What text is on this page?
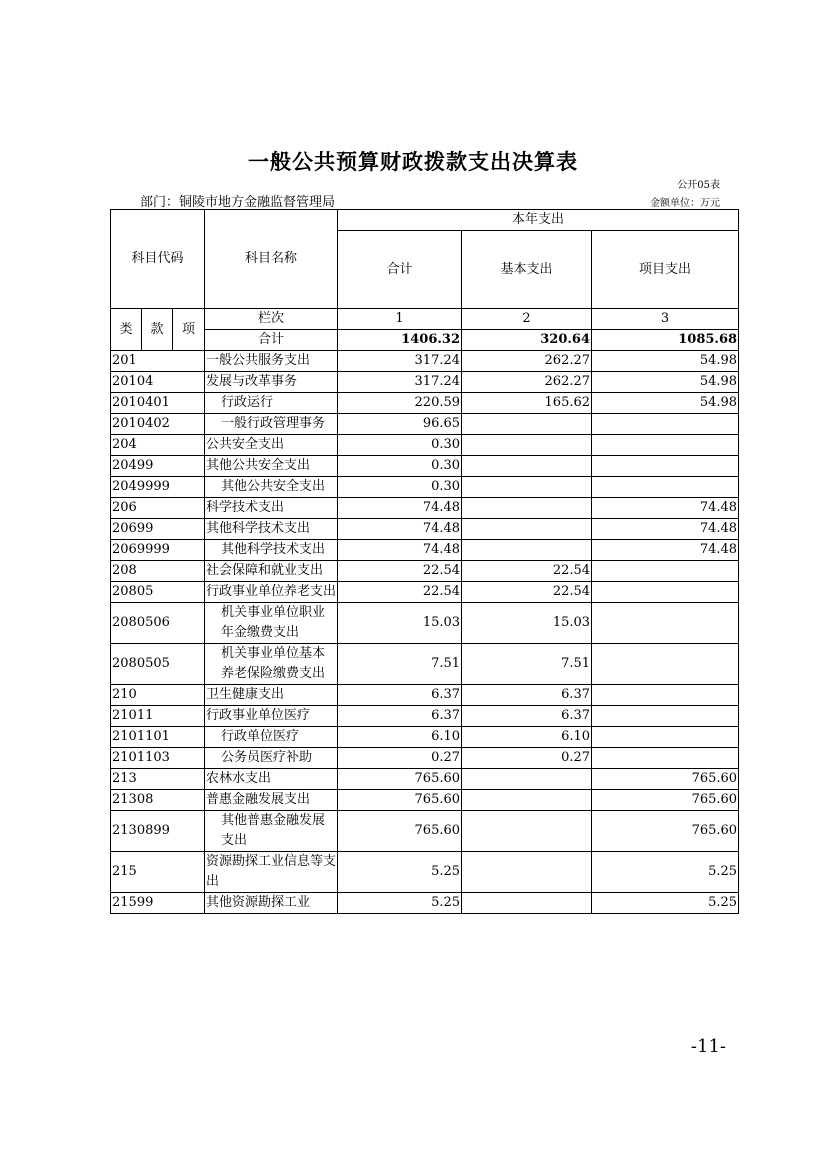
一般公共预算财政拨款支出决算表
公开05表
部门：铜陵市地方金融监督管理局	金额单位：万元
科目代码			科目名称	本年支出		
				合计	基本支出	项目支出

类	款	项	栏次	1	2	3
			合计	1406.32	320.64	1085.68
201			一般公共服务支出	317.24	262.27	54.98
20104			发展与改革事务	317.24	262.27	54.98
2010401			行政运行	220.59	165.62	54.98
2010402			一般行政管理事务	96.65		
204			公共安全支出	0.30		
20499			其他公共安全支出	0.30		
2049999			其他公共安全支出	0.30		
206			科学技术支出	74.48		74.48
20699			其他科学技术支出	74.48		74.48
2069999			其他科学技术支出	74.48		74.48
208			社会保障和就业支出	22.54	22.54	
20805			行政事业单位养老支出	22.54	22.54	
2080506			机关事业单位职业年金缴费支出	15.03	15.03	
2080505			机关事业单位基本养老保险缴费支出	7.51	7.51	
210			卫生健康支出	6.37	6.37	
21011			行政事业单位医疗	6.37	6.37	
2101101			行政单位医疗	6.10	6.10	
2101103			公务员医疗补助	0.27	0.27	
213			农林水支出	765.60		765.60
21308			普惠金融发展支出	765.60		765.60
2130899			其他普惠金融发展支出	765.60		765.60
215			资源勘探工业信息等支出	5.25		5.25
21599			其他资源勘探工业	5.25		5.25
-11-
